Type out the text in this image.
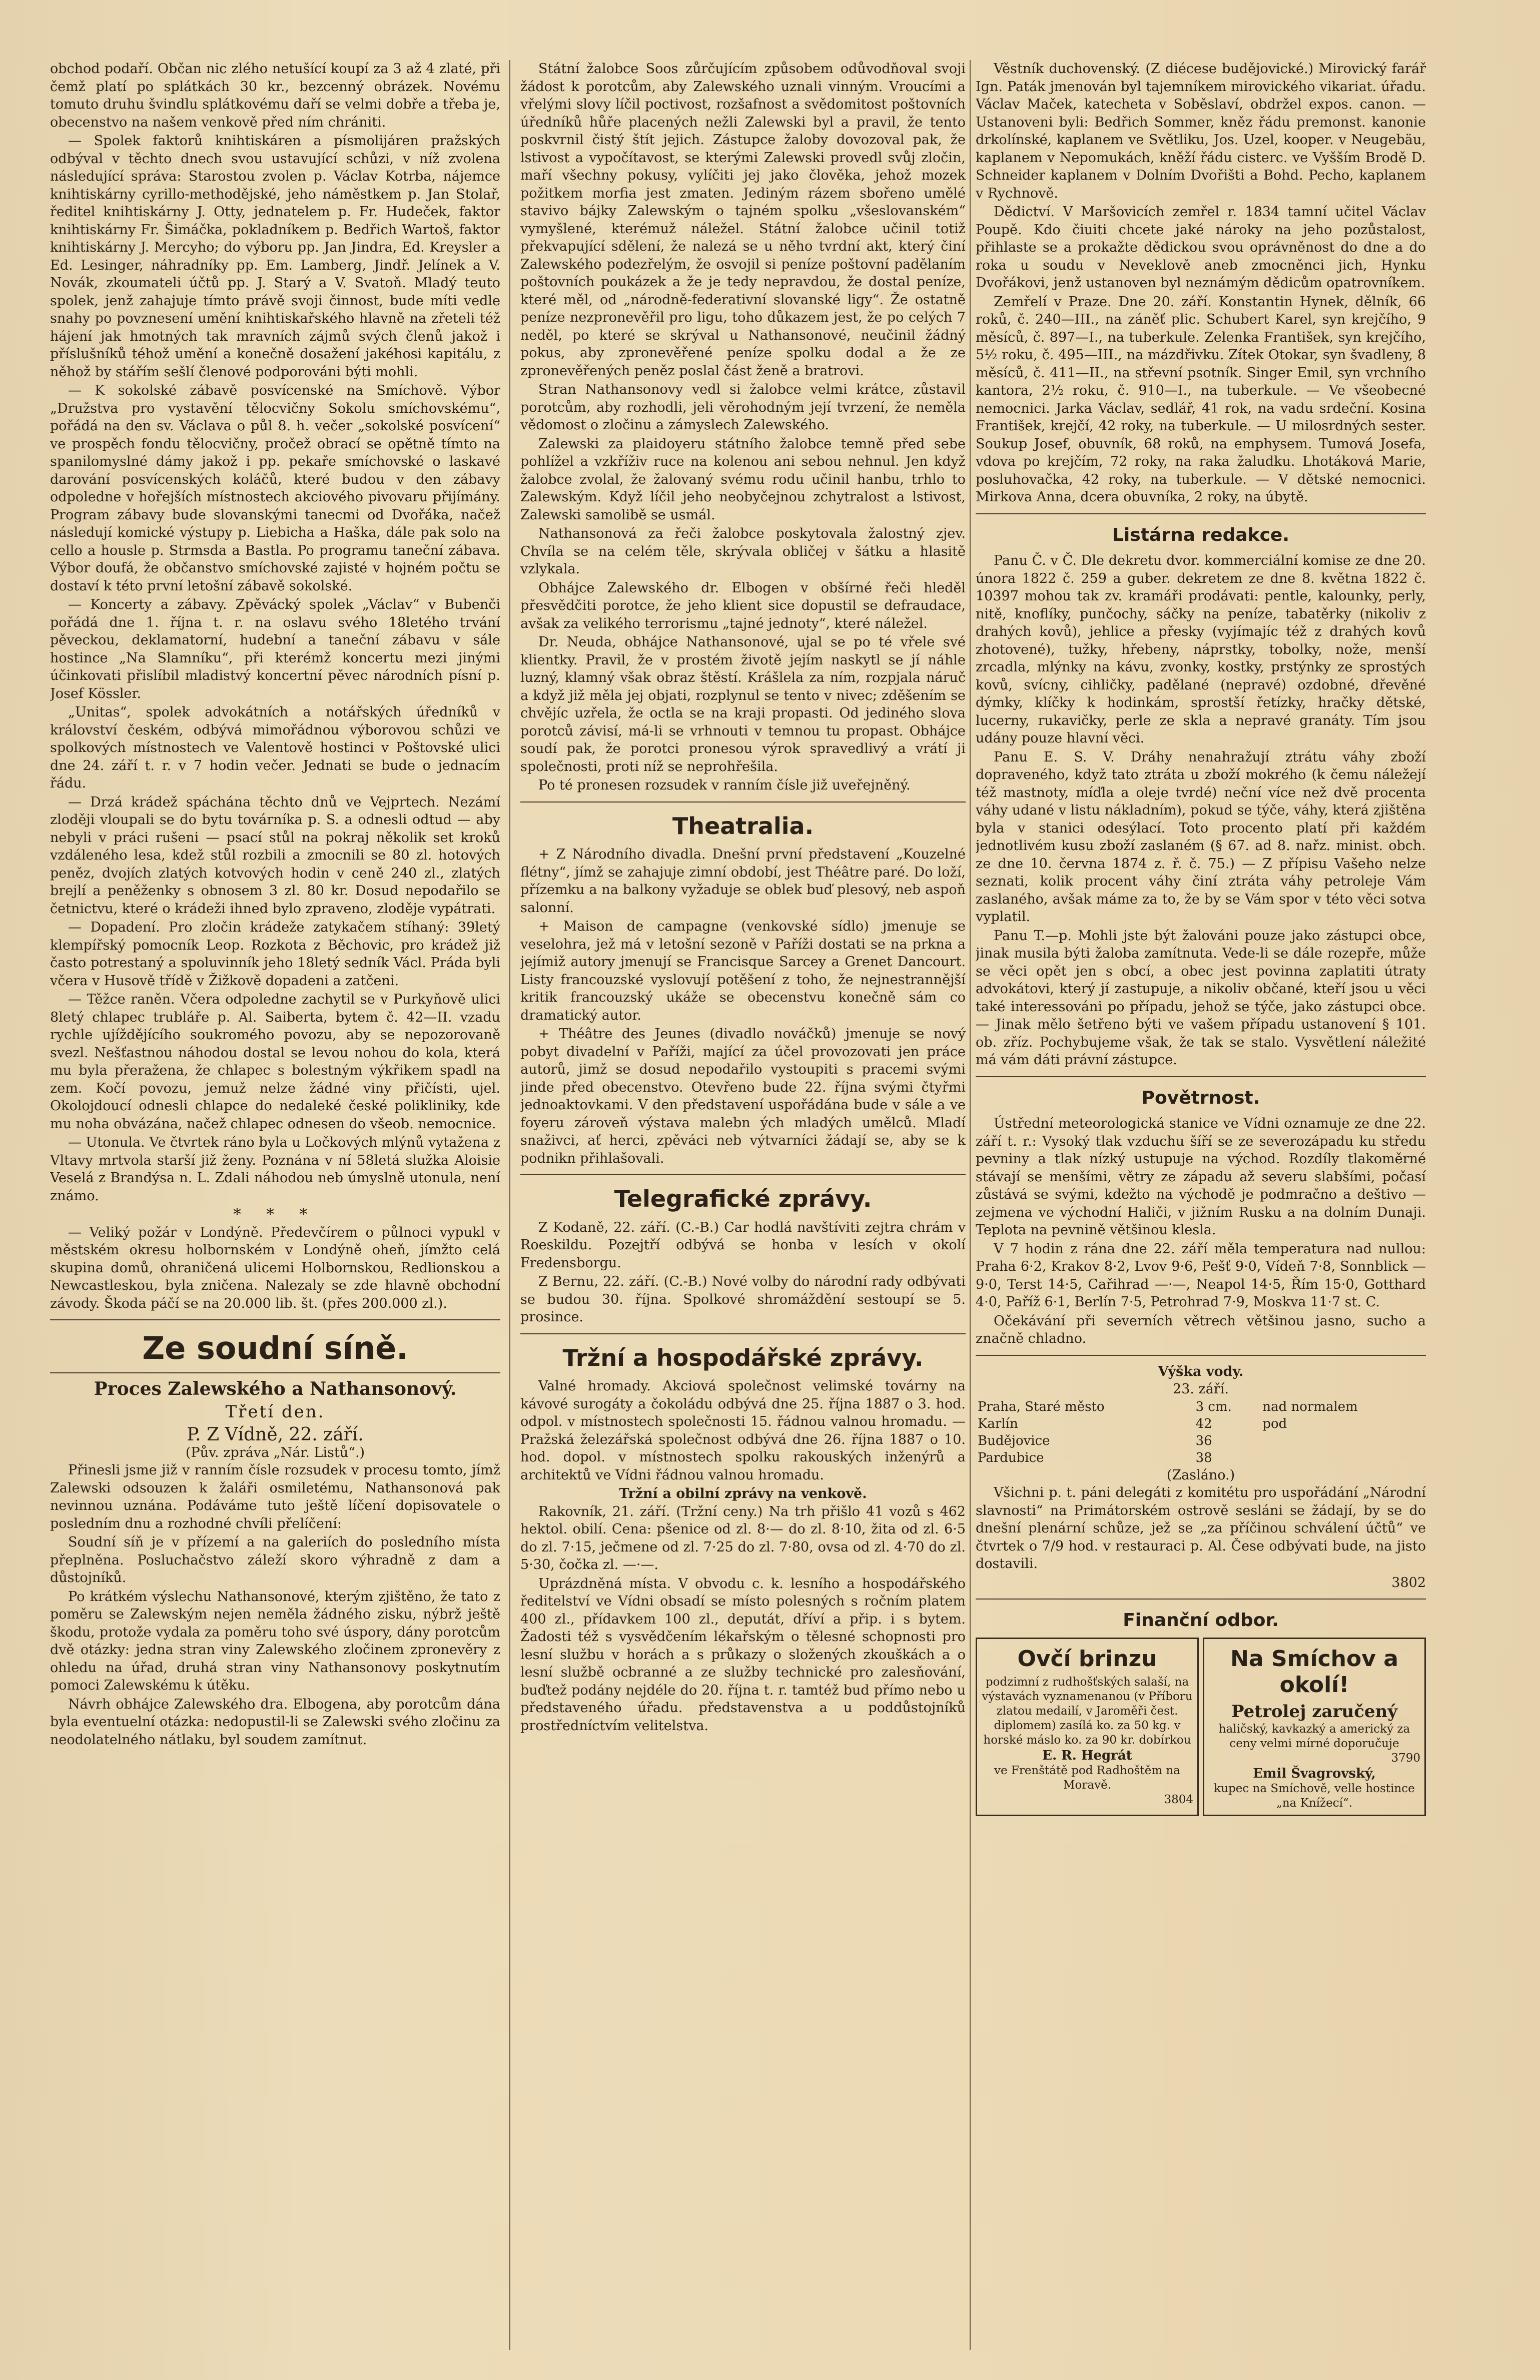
obchod podaří. Občan nic zlého netušící koupí za 3 až 4 zlaté, při čemž platí po splátkách 30 kr., bezcenný obrázek. Novému tomuto druhu švindlu splátkovému daří se velmi dobře a třeba je, obecenstvo na našem venkově před ním chrániti.

— Spolek faktorů knihtiskáren a písmolijáren pražských odbýval v těchto dnech svou ustavující schůzi, v níž zvolena následující správa: Starostou zvolen p. Václav Kotrba, nájemce knihtiskárny cyrillo-methodějské, jeho náměstkem p. Jan Stolař, ředitel knihtiskárny J. Otty, jednatelem p. Fr. Hudeček, faktor knihtiskárny Fr. Šimáčka, pokladníkem p. Bedřich Wartoš, faktor knihtiskárny J. Mercyho; do výboru pp. Jan Jindra, Ed. Kreysler a Ed. Lesinger, náhradníky pp. Em. Lamberg, Jindř. Jelínek a V. Novák, zkoumateli účtů pp. J. Starý a V. Svatoň. Mladý teuto spolek, jenž zahajuje tímto právě svoji činnost, bude míti vedle snahy po povznesení umění knihtiskařského hlavně na zřeteli též hájení jak hmotných tak mravních zájmů svých členů jakož i příslušníků téhož umění a konečně dosažení jakéhosi kapitálu, z něhož by stářím sešlí členové podporováni býti mohli.

— K sokolské zábavě posvícenské na Smíchově. Výbor „Družstva pro vystavění tělocvičny Sokolu smíchovskému“, pořádá na den sv. Václava o půl 8. h. večer „sokolské posvícení“ ve prospěch fondu tělocvičny, pročež obrací se opětně tímto na spanilomyslné dámy jakož i pp. pekaře smíchovské o laskavé darování posvícenských koláčů, které budou v den zábavy odpoledne v hořejších místnostech akciového pivovaru přijímány. Program zábavy bude slovanskými tanecmi od Dvořáka, načež následují komické výstupy p. Liebicha a Haška, dále pak solo na cello a housle p. Strmsda a Bastla. Po programu taneční zábava. Výbor doufá, že občanstvo smíchovské zajisté v hojném počtu se dostaví k této první letošní zábavě sokolské.

— Koncerty a zábavy. Zpěvácký spolek „Václav“ v Bubenči pořádá dne 1. října t. r. na oslavu svého 18letého trvání pěveckou, deklamatorní, hudební a taneční zábavu v sále hostince „Na Slamníku“, při kterémž koncertu mezi jinými účinkovati přislíbil mladistvý koncertní pěvec národních písní p. Josef Kössler.

„Unitas“, spolek advokátních a notářských úředníků v království českém, odbývá mimořádnou výborovou schůzi ve spolkových místnostech ve Valentově hostinci v Poštovské ulici dne 24. září t. r. v 7 hodin večer. Jednati se bude o jednacím řádu.

— Drzá krádež spáchána těchto dnů ve Vejprtech. Nezámí zloději vloupali se do bytu továrníka p. S. a odnesli odtud — aby nebyli v práci rušeni — psací stůl na pokraj několik set kroků vzdáleného lesa, kdež stůl rozbili a zmocnili se 80 zl. hotových peněz, dvojích zlatých kotvových hodin v ceně 240 zl., zlatých brejlí a peněženky s obnosem 3 zl. 80 kr. Dosud nepodařilo se četnictvu, které o krádeži ihned bylo zpraveno, zloděje vypátrati.

— Dopadení. Pro zločin krádeže zatykačem stíhaný: 39letý klempířský pomocník Leop. Rozkota z Běchovic, pro krádež již často potrestaný a spoluvinník jeho 18letý sedník Václ. Práda byli včera v Husově třídě v Žižkově dopadeni a zatčeni.

— Těžce raněn. Včera odpoledne zachytil se v Purkyňově ulici 8letý chlapec trubláře p. Al. Saiberta, bytem č. 42—II. vzadu rychle ujíždějícího soukromého povozu, aby se nepozorovaně svezl. Nešťastnou náhodou dostal se levou nohou do kola, která mu byla přeražena, že chlapec s bolestným výkřikem spadl na zem. Kočí povozu, jemuž nelze žádné viny přičísti, ujel. Okolojdoucí odnesli chlapce do nedaleké české polikliniky, kde mu noha obvázána, načež chlapec odnesen do všeob. nemocnice.

— Utonula. Ve čtvrtek ráno byla u Ločkových mlýnů vytažena z Vltavy mrtvola starší již ženy. Poznána v ní 58letá služka Aloisie Veselá z Brandýsa n. L. Zdali náhodou neb úmyslně utonula, není známo.

* * *

— Veliký požár v Londýně. Předevčírem o půlnoci vypukl v městském okresu holbornském v Londýně oheň, jímžto celá skupina domů, ohraničená ulicemi Holbornskou, Redlionskou a Newcastleskou, byla zničena. Nalezaly se zde hlavně obchodní závody. Škoda páčí se na 20.000 lib. št. (přes 200.000 zl.).

Ze soudní síně.
Proces Zalewského a Nathansonový.
Třetí den.
P. Z Vídně, 22. září.
(Pův. zpráva „Nár. Listů“.)

Přinesli jsme již v ranním čísle rozsudek v procesu tomto, jímž Zalewski odsouzen k žaláři osmiletému, Nathansonová pak nevinnou uznána. Podáváme tuto ještě líčení dopisovatele o posledním dnu a rozhodné chvíli přelíčení:

Soudní síň je v přízemí a na galeriích do posledního místa přeplněna. Posluchačstvo záleží skoro výhradně z dam a důstojníků.

Po krátkém výslechu Nathansonové, kterým zjištěno, že tato z poměru se Zalewským nejen neměla žádného zisku, nýbrž ještě škodu, protože vydala za poměru toho své úspory, dány porotcům dvě otázky: jedna stran viny Zalewského zločinem zpronevěry z ohledu na úřad, druhá stran viny Nathansonovy poskytnutím pomoci Zalewskému k útěku.

Návrh obhájce Zalewského dra. Elbogena, aby porotcům dána byla eventuelní otázka: nedopustil-li se Zalewski svého zločinu za neodolatelného nátlaku, byl soudem zamítnut.

Státní žalobce Soos zůrčujícím způsobem odůvodňoval svoji žádost k porotcům, aby Zalewského uznali vinným. Vroucími a vřelými slovy líčil poctivost, rozšafnost a svědomitost poštovních úředníků hůře placených nežli Zalewski byl a pravil, že tento poskvrnil čistý štít jejich. Zástupce žaloby dovozoval pak, že lstivost a vypočítavost, se kterými Zalewski provedl svůj zločin, maří všechny pokusy, vylíčiti jej jako člověka, jehož mozek požitkem morfia jest zmaten. Jediným rázem sbořeno umělé stavivo bájky Zalewským o tajném spolku „všeslovanském“ vymyšlené, kterémuž náležel. Státní žalobce učinil totiž překvapující sdělení, že nalezá se u něho tvrdní akt, který činí Zalewského podezřelým, že osvojil si peníze poštovní padělaním poštovních poukázek a že je tedy nepravdou, že dostal peníze, které měl, od „národně-federativní slovanské ligy“. Že ostatně peníze nezpronevěřil pro ligu, toho důkazem jest, že po celých 7 neděl, po které se skrýval u Nathansonové, neučinil žádný pokus, aby zpronevěřené peníze spolku dodal a že ze zpronevěřených peněz poslal část ženě a bratrovi.

Stran Nathansonovy vedl si žalobce velmi krátce, zůstavil porotcům, aby rozhodli, jeli věrohodným její tvrzení, že neměla vědomost o zločinu a zámyslech Zalewského.

Zalewski za plaidoyeru státního žalobce temně před sebe pohlížel a vzkříživ ruce na kolenou ani sebou nehnul. Jen když žalobce zvolal, že žalovaný svému rodu učinil hanbu, trhlo to Zalewským. Když líčil jeho neobyčejnou zchytralost a lstivost, Zalewski samolibě se usmál.

Nathansonová za řeči žalobce poskytovala žalostný zjev. Chvíla se na celém těle, skrývala obličej v šátku a hlasitě vzlykala.

Obhájce Zalewského dr. Elbogen v obšírné řeči hleděl přesvědčiti porotce, že jeho klient sice dopustil se defraudace, avšak za velikého terrorismu „tajné jednoty“, které náležel.

Dr. Neuda, obhájce Nathansonové, ujal se po té vřele své klientky. Pravil, že v prostém životě jejím naskytl se jí náhle luzný, klamný však obraz štěstí. Krášlela za ním, rozpjala náruč a když již měla jej objati, rozplynul se tento v nivec; zděšením se chvějíc uzřela, že octla se na kraji propasti. Od jediného slova porotců závisí, má-li se vrhnouti v temnou tu propast. Obhájce soudí pak, že porotci pronesou výrok spravedlivý a vrátí ji společnosti, proti níž se neprohřešila.

Po té pronesen rozsudek v ranním čísle již uveřejněný.

Theatralia.

+ Z Národního divadla. Dnešní první představení „Kouzelné flétny“, jímž se zahajuje zimní období, jest Théâtre paré. Do loží, přízemku a na balkony vyžaduje se oblek buď plesový, neb aspoň salonní.

+ Maison de campagne (venkovské sídlo) jmenuje se veselohra, jež má v letošní sezoně v Paříži dostati se na prkna a jejímiž autory jmenují se Francisque Sarcey a Grenet Dancourt. Listy francouzské vyslovují potěšení z toho, že nejnestrannější kritik francouzský ukáže se obecenstvu konečně sám co dramatický autor.

+ Théâtre des Jeunes (divadlo nováčků) jmenuje se nový pobyt divadelní v Paříži, mající za účel provozovati jen práce autorů, jimž se dosud nepodařilo vystoupiti s pracemi svými jinde před obecenstvo. Otevřeno bude 22. října svými čtyřmi jednoaktovkami. V den představení uspořádána bude v sále a ve foyeru zároveň výstava malebn ých mladých umělců. Mladí snaživci, ať herci, zpěváci neb výtvarníci žádají se, aby se k podnikn přihlašovali.

Telegrafické zprávy.

Z Kodaně, 22. září. (C.-B.) Car hodlá navštíviti zejtra chrám v Roeskildu. Pozejtří odbývá se honba v lesích v okolí Fredensborgu.

Z Bernu, 22. září. (C.-B.) Nové volby do národní rady odbývati se budou 30. října. Spolkové shromáždění sestoupí se 5. prosince.

Tržní a hospodářské zprávy.

Valné hromady. Akciová společnost velimské továrny na kávové surogáty a čokoládu odbývá dne 25. října 1887 o 3. hod. odpol. v místnostech společnosti 15. řádnou valnou hromadu. — Pražská železářská společnost odbývá dne 26. října 1887 o 10. hod. dopol. v místnostech spolku rakouských inženýrů a architektů ve Vídni řádnou valnou hromadu.

Tržní a obilní zprávy na venkově.

Rakovník, 21. září. (Tržní ceny.) Na trh přišlo 41 vozů s 462 hektol. obilí. Cena: pšenice od zl. 8·— do zl. 8·10, žita od zl. 6·5 do zl. 7·15, ječmene od zl. 7·25 do zl. 7·80, ovsa od zl. 4·70 do zl. 5·30, čočka zl. —·—.

Uprázdněná místa. V obvodu c. k. lesního a hospodářského ředitelství ve Vídni obsadí se místo polesných s ročním platem 400 zl., přídavkem 100 zl., deputát, dříví a přip. i s bytem. Žadosti též s vysvědčením lékařským o tělesné schopnosti pro lesní službu v horách a s průkazy o složených zkouškách a o lesní službě ocbranné a ze služby technické pro zalesňování, buďtež podány nejdéle do 20. října t. r. tamtéž bud přímo nebo u představeného úřadu. představenstva a u poddůstojníků prostředníctvím velitelstva.

Věstník duchovenský. (Z diécese budějovické.) Mirovický farář Ign. Paták jmenován byl tajemníkem mirovického vikariat. úřadu. Václav Maček, katecheta v Soběslaví, obdržel expos. canon. — Ustanoveni byli: Bedřich Sommer, kněz řádu premonst. kanonie drkolínské, kaplanem ve Světliku, Jos. Uzel, kooper. v Neugebäu, kaplanem v Nepomukách, kněží řádu cisterc. ve Vyšším Brodě D. Schneider kaplanem v Dolním Dvořišti a Bohd. Pecho, kaplanem v Rychnově.

Dědictví. V Maršovicích zemřel r. 1834 tamní učitel Václav Poupě. Kdo čiuiti chcete jaké nároky na jeho pozůstalost, přihlaste se a prokažte dědickou svou oprávněnost do dne a do roka u soudu v Neveklově aneb zmocněnci jich, Hynku Dvořákovi, jenž ustanoven byl neznámým dědicům opatrovníkem.

Zemřelí v Praze. Dne 20. září. Konstantin Hynek, dělník, 66 roků, č. 240—III., na záněť plic. Schubert Karel, syn krejčího, 9 měsíců, č. 897—I., na tuberkule. Zelenka František, syn krejčího, 5½ roku, č. 495—III., na mázdřivku. Zítek Otokar, syn švadleny, 8 měsíců, č. 411—II., na střevní psotník. Singer Emil, syn vrchního kantora, 2½ roku, č. 910—I., na tuberkule. — Ve všeobecné nemocnici. Jarka Václav, sedlář, 41 rok, na vadu srdeční. Kosina František, krejčí, 42 roky, na tuberkule. — U milosrdných sester. Soukup Josef, obuvník, 68 roků, na emphysem. Tumová Josefa, vdova po krejčím, 72 roky, na raka žaludku. Lhotáková Marie, posluhovačka, 42 roky, na tuberkule. — V dětské nemocnici. Mirkova Anna, dcera obuvníka, 2 roky, na úbytě.

Listárna redakce.

Panu Č. v Č. Dle dekretu dvor. kommerciální komise ze dne 20. února 1822 č. 259 a guber. dekretem ze dne 8. května 1822 č. 10397 mohou tak zv. kramáři prodávati: pentle, kalounky, perly, nitě, knoflíky, punčochy, sáčky na peníze, tabatěrky (nikoliv z drahých kovů), jehlice a přesky (vyjímajíc též z drahých kovů zhotovené), tužky, hřebeny, náprstky, tobolky, nože, menší zrcadla, mlýnky na kávu, zvonky, kostky, prstýnky ze sprostých kovů, svícny, cihličky, padělané (nepravé) ozdobné, dřevěné dýmky, klíčky k hodinkám, sprostší řetízky, hračky dětské, lucerny, rukavičky, perle ze skla a nepravé granáty. Tím jsou udány pouze hlavní věci.

Panu E. S. V. Dráhy nenahražují ztrátu váhy zboží dopraveného, když tato ztráta u zboží mokrého (k čemu náležejí též mastnoty, míďla a oleje tvrdé) neční více než dvě procenta váhy udané v listu nákladním), pokud se týče, váhy, která zjištěna byla v stanici odesýlací. Toto procento platí při každém jednotlivém kusu zboží zaslaném (§ 67. ad 8. nařz. minist. obch. ze dne 10. června 1874 z. ř. č. 75.) — Z přípisu Vašeho nelze seznati, kolik procent váhy činí ztráta váhy petroleje Vám zaslaného, avšak máme za to, že by se Vám spor v této věci sotva vyplatil.

Panu T.—p. Mohli jste být žalováni pouze jako zástupci obce, jinak musila býti žaloba zamítnuta. Vede-li se dále rozepře, může se věci opět jen s obcí, a obec jest povinna zaplatiti útraty advokátovi, který jí zastupuje, a nikoliv občané, kteří jsou u věci také interessováni po případu, jehož se týče, jako zástupci obce. — Jinak mělo šetřeno býti ve vašem případu ustanovení § 101. ob. zříz. Pochybujeme však, že tak se stalo. Vysvětlení náležité má vám dáti právní zástupce.

Povětrnost.

Ústřední meteorologická stanice ve Vídni oznamuje ze dne 22. září t. r.: Vysoký tlak vzduchu šíří se ze severozápadu ku středu pevniny a tlak nízký ustupuje na východ. Rozdíly tlakoměrné stávají se menšími, větry ze západu až severu slabšími, počasí zůstává se svými, kdežto na východě je podmračno a deštivo — zejmena ve východní Haliči, v jižním Rusku a na dolním Dunaji. Teplota na pevnině většinou klesla.

V 7 hodin z rána dne 22. září měla temperatura nad nullou: Praha 6·2, Krakov 8·2, Lvov 9·6, Pešť 9·0, Vídeň 7·8, Sonnblick —9·0, Terst 14·5, Cařihrad —·—, Neapol 14·5, Řím 15·0, Gotthard 4·0, Paříž 6·1, Berlín 7·5, Petrohrad 7·9, Moskva 11·7 st. C.

Očekávání při severních větrech většinou jasno, sucho a značně chladno.

Výška vody.
23. září.
Praha, Staré město	3 cm.	nad normalem
Karlín	42	pod
Budějovice	36	
Pardubice	38	
(Zasláno.)

Všichni p. t. páni delegáti z komitétu pro uspořádání „Národní slavnosti“ na Primátorském ostrově sesláni se žádají, by se do dnešní plenární schůze, jež se „za příčinou schválení účtů“ ve čtvrtek o 7/9 hod. v restauraci p. Al. Čese odbývati bude, na jisto dostavili.

3802
Finanční odbor.
Ovčí brinzu
podzimní z rudhošťských salaší, na výstavách vyznamenanou (v Příboru zlatou medailí, v Jaroměři čest. diplomem) zasílá ko. za 50 kg. v horské máslo ko. za 90 kr. dobírkou
E. R. Hegrát
ve Frenštátě pod Radhoštěm na Moravě.
3804
Na Smíchov a okolí!
Petrolej zaručený
haličský, kavkazký a americký za ceny velmi mírné doporučuje
3790
Emil Švagrovský,
kupec na Smíchově, velle hostince „na Knížecí“.
